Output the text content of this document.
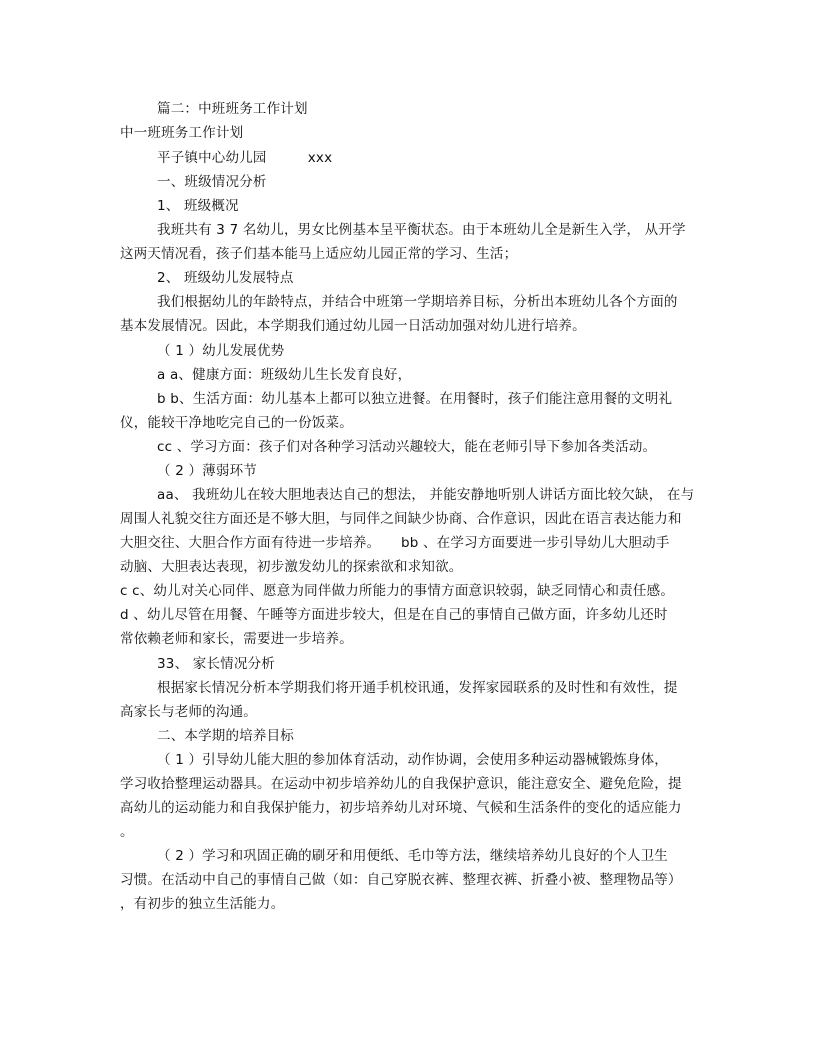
篇二：中班班务工作计划
中一班班务工作计划
平子镇中心幼儿园　　　xxx
一、班级情况分析
1、 班级概况
我班共有 3 7 名幼儿，男女比例基本呈平衡状态。由于本班幼儿全是新生入学， 从开学
这两天情况看，孩子们基本能马上适应幼儿园正常的学习、生活；
2、 班级幼儿发展特点
我们根据幼儿的年龄特点，并结合中班第一学期培养目标，分析出本班幼儿各个方面的
基本发展情况。因此，本学期我们通过幼儿园一日活动加强对幼儿进行培养。
（ 1 ）幼儿发展优势
a a、健康方面：班级幼儿生长发育良好，
b b、生活方面：幼儿基本上都可以独立进餐。在用餐时，孩子们能注意用餐的文明礼
仪，能较干净地吃完自己的一份饭菜。
cc 、学习方面：孩子们对各种学习活动兴趣较大，能在老师引导下参加各类活动。
（ 2 ）薄弱环节
aa、 我班幼儿在较大胆地表达自己的想法， 并能安静地听别人讲话方面比较欠缺， 在与
周围人礼貌交往方面还是不够大胆，与同伴之间缺少协商、合作意识，因此在语言表达能力和
大胆交往、大胆合作方面有待进一步培养。　　bb 、在学习方面要进一步引导幼儿大胆动手
动脑、大胆表达表现，初步激发幼儿的探索欲和求知欲。
c c、幼儿对关心同伴、愿意为同伴做力所能力的事情方面意识较弱，缺乏同情心和责任感。
d 、幼儿尽管在用餐、午睡等方面进步较大，但是在自己的事情自己做方面，许多幼儿还时
常依赖老师和家长，需要进一步培养。
33、 家长情况分析
根据家长情况分析本学期我们将开通手机校讯通，发挥家园联系的及时性和有效性，提
高家长与老师的沟通。
二、本学期的培养目标
（ 1 ）引导幼儿能大胆的参加体育活动，动作协调，会使用多种运动器械锻炼身体，
学习收拾整理运动器具。在运动中初步培养幼儿的自我保护意识，能注意安全、避免危险，提
高幼儿的运动能力和自我保护能力，初步培养幼儿对环境、气候和生活条件的变化的适应能力
。
（ 2 ）学习和巩固正确的刷牙和用便纸、毛巾等方法，继续培养幼儿良好的个人卫生
习惯。在活动中自己的事情自己做（如：自己穿脱衣裤、整理衣裤、折叠小被、整理物品等）
，有初步的独立生活能力。
